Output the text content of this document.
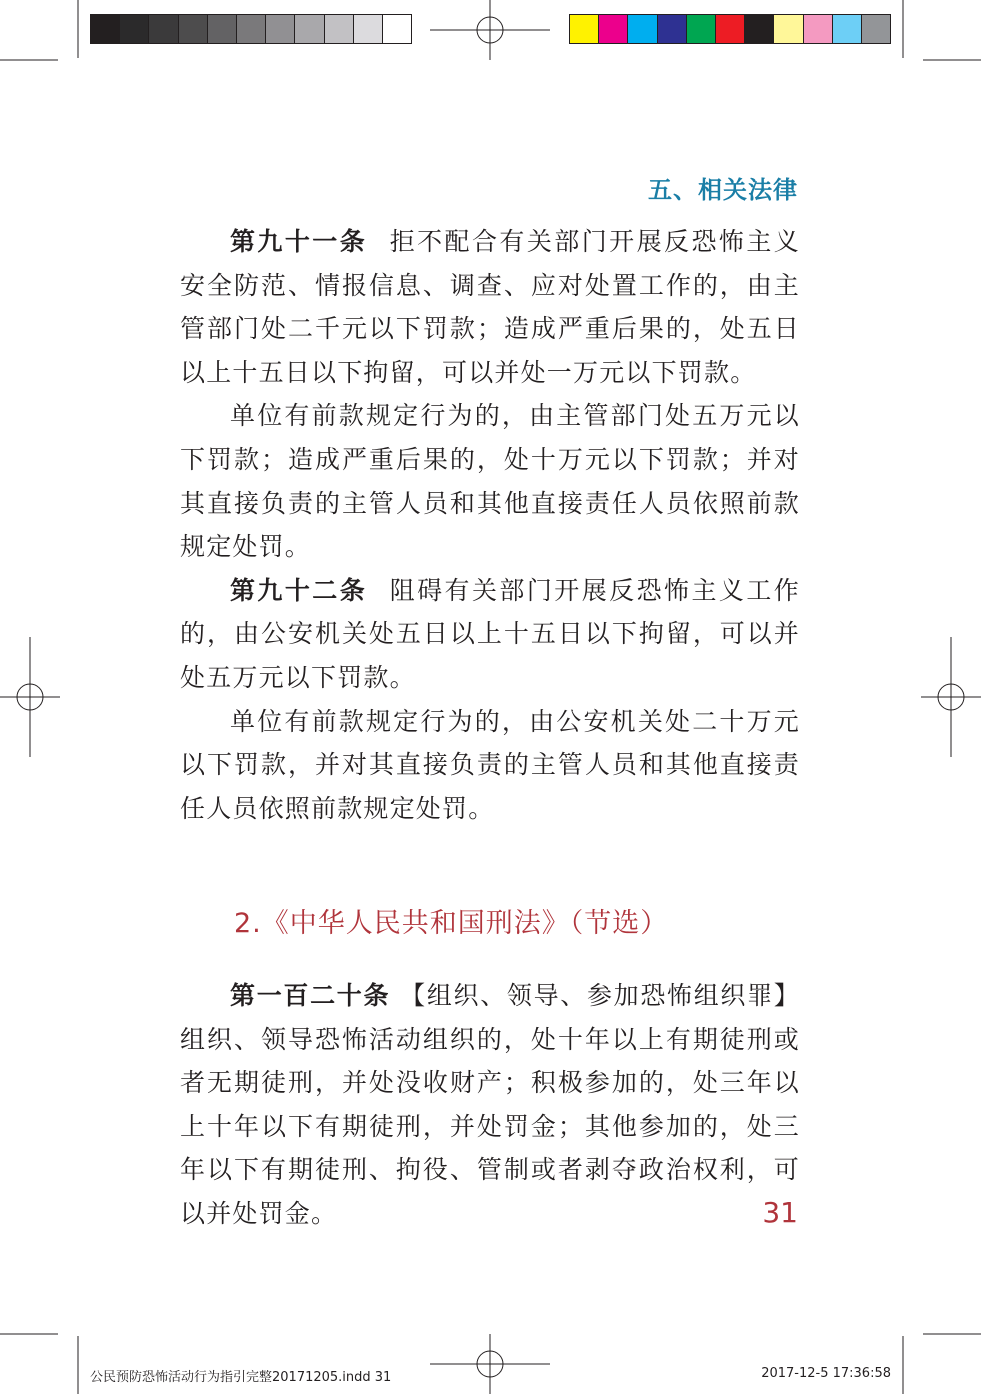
五、相关法律

第九十一条 拒不配合有关部门开展反恐怖主义安全防范、情报信息、调查、应对处置工作的，由主管部门处二千元以下罚款；造成严重后果的，处五日以上十五日以下拘留，可以并处一万元以下罚款。

单位有前款规定行为的，由主管部门处五万元以下罚款；造成严重后果的，处十万元以下罚款；并对其直接负责的主管人员和其他直接责任人员依照前款规定处罚。

第九十二条 阻碍有关部门开展反恐怖主义工作的，由公安机关处五日以上十五日以下拘留，可以并处五万元以下罚款。

单位有前款规定行为的，由公安机关处二十万元以下罚款，并对其直接负责的主管人员和其他直接责任人员依照前款规定处罚。

2.《中华人民共和国刑法》（节选）

第一百二十条 【组织、领导、参加恐怖组织罪】组织、领导恐怖活动组织的，处十年以上有期徒刑或者无期徒刑，并处没收财产；积极参加的，处三年以上十年以下有期徒刑，并处罚金；其他参加的，处三年以下有期徒刑、拘役、管制或者剥夺政治权利，可以并处罚金。	31
公民预防恐怖活动行为指引完整20171205.indd 31	2017-12-5 17:36:58
